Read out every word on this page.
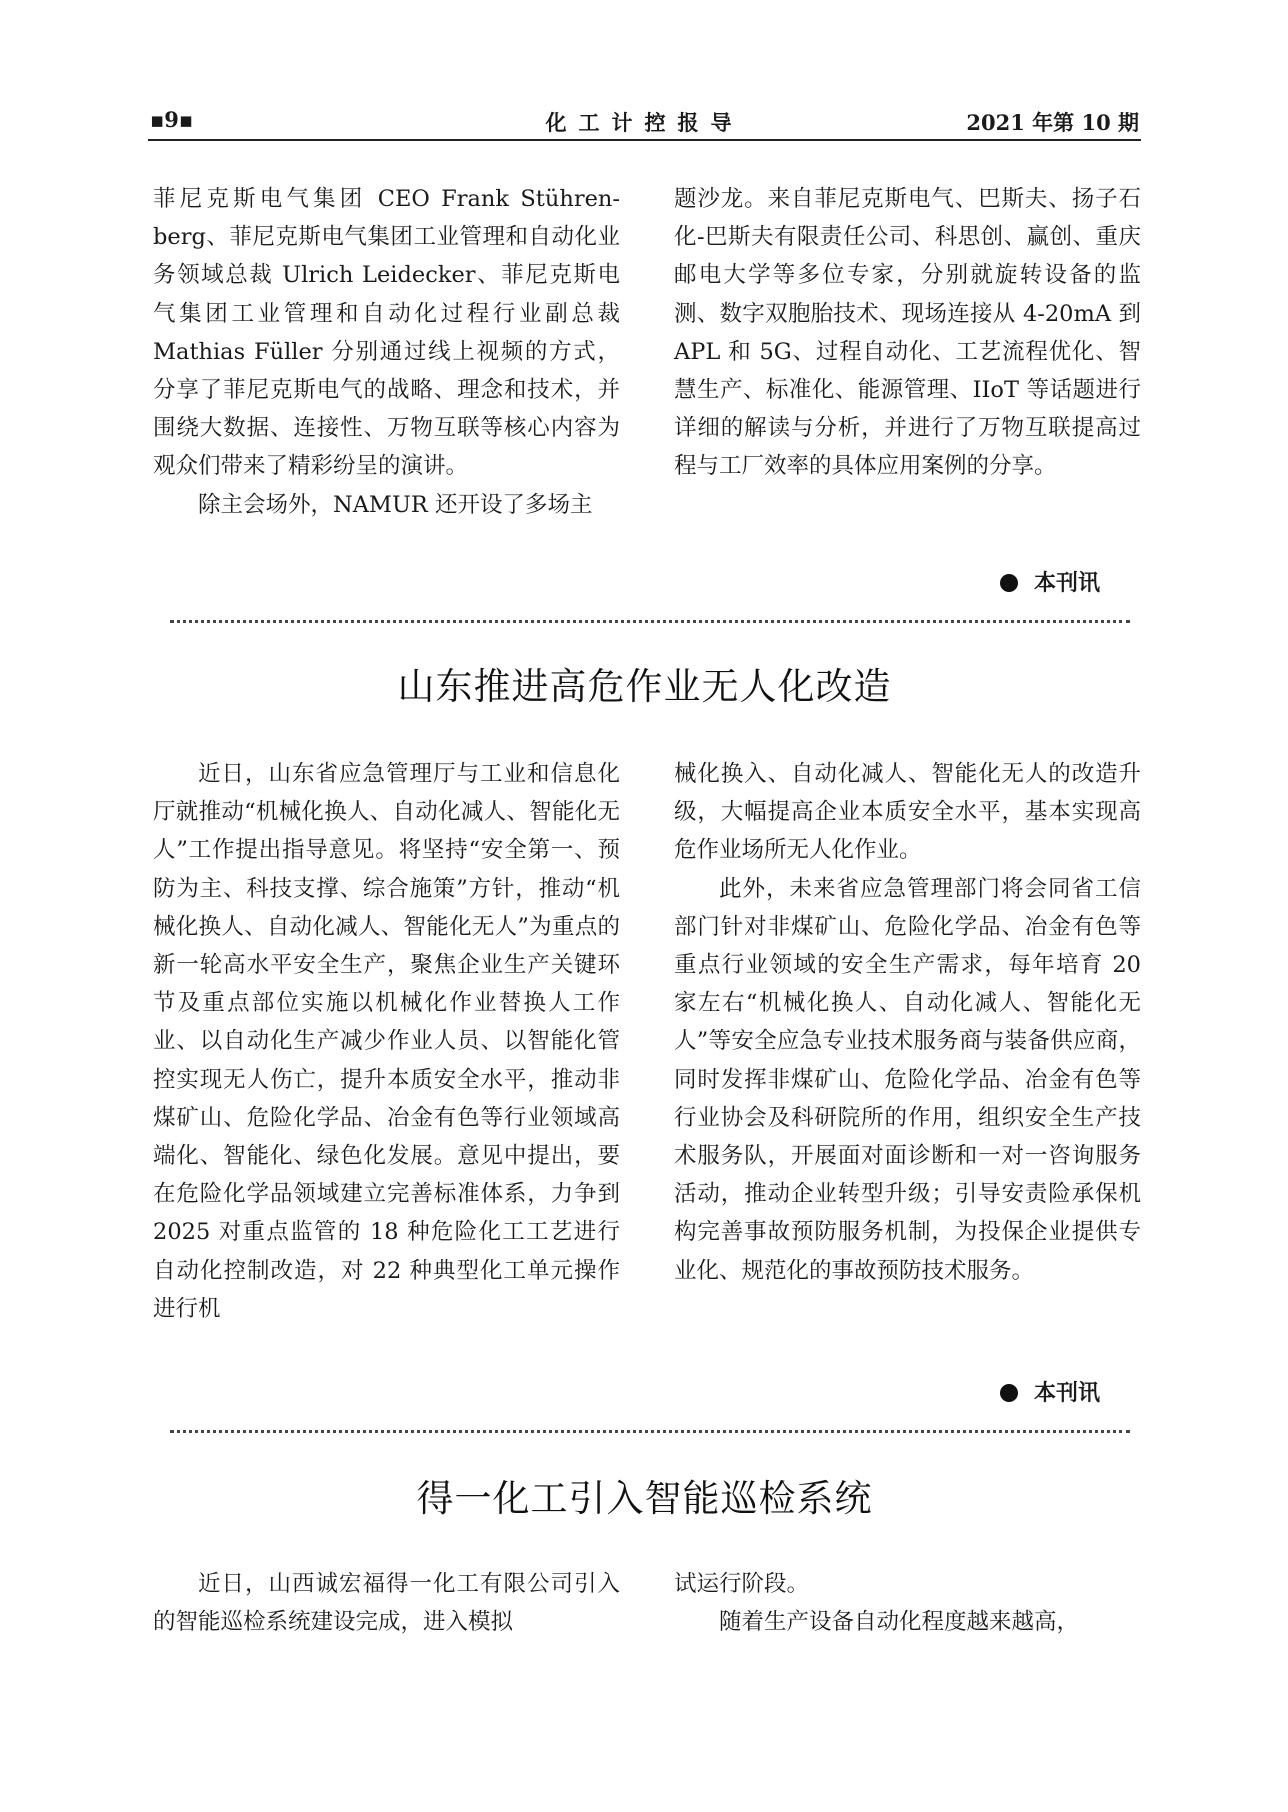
▪9▪	化工计控报导	2021 年第 10 期

菲尼克斯电气集团 CEO Frank Stührenberg、菲尼克斯电气集团工业管理和自动化业务领域总裁 Ulrich Leidecker、菲尼克斯电气集团工业管理和自动化过程行业副总裁 Mathias Füller 分别通过线上视频的方式，分享了菲尼克斯电气的战略、理念和技术，并围绕大数据、连接性、万物互联等核心内容为观众们带来了精彩纷呈的演讲。

除主会场外，NAMUR 还开设了多场主

题沙龙。来自菲尼克斯电气、巴斯夫、扬子石化-巴斯夫有限责任公司、科思创、赢创、重庆邮电大学等多位专家，分别就旋转设备的监测、数字双胞胎技术、现场连接从 4-20mA 到 APL 和 5G、过程自动化、工艺流程优化、智慧生产、标准化、能源管理、IIoT 等话题进行详细的解读与分析，并进行了万物互联提高过程与工厂效率的具体应用案例的分享。

本刊讯
山东推进高危作业无人化改造

近日，山东省应急管理厅与工业和信息化厅就推动“机械化换人、自动化减人、智能化无人”工作提出指导意见。将坚持“安全第一、预防为主、科技支撑、综合施策”方针，推动“机械化换人、自动化减人、智能化无人”为重点的新一轮高水平安全生产，聚焦企业生产关键环节及重点部位实施以机械化作业替换人工作业、以自动化生产减少作业人员、以智能化管控实现无人伤亡，提升本质安全水平，推动非煤矿山、危险化学品、冶金有色等行业领域高端化、智能化、绿色化发展。意见中提出，要在危险化学品领域建立完善标准体系，力争到 2025 对重点监管的 18 种危险化工工艺进行自动化控制改造，对 22 种典型化工单元操作进行机

械化换入、自动化减人、智能化无人的改造升级，大幅提高企业本质安全水平，基本实现高危作业场所无人化作业。

此外，未来省应急管理部门将会同省工信部门针对非煤矿山、危险化学品、冶金有色等重点行业领域的安全生产需求，每年培育 20 家左右“机械化换人、自动化减人、智能化无人”等安全应急专业技术服务商与装备供应商，同时发挥非煤矿山、危险化学品、冶金有色等行业协会及科研院所的作用，组织安全生产技术服务队，开展面对面诊断和一对一咨询服务活动，推动企业转型升级；引导安责险承保机构完善事故预防服务机制，为投保企业提供专业化、规范化的事故预防技术服务。

本刊讯
得一化工引入智能巡检系统

近日，山西诚宏福得一化工有限公司引入的智能巡检系统建设完成，进入模拟

试运行阶段。

随着生产设备自动化程度越来越高，
